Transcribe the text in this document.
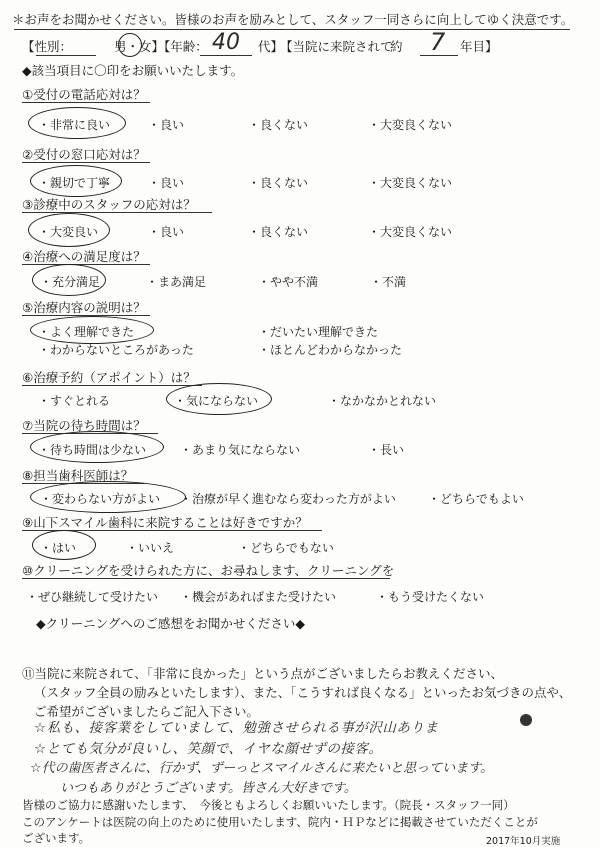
＊お声をお聞かせください。皆様のお声を励みとして、スタッフ一同さらに向上してゆく決意です。
【性別：	男・女】【年齢： 40 代】
【当院に来院されて
約 7 年目】
◆該当項目に〇印をお願いいたします。
①受付の電話応対は？
・非常に良い	・良い	・良くない	・大変良くない
②受付の窓口応対は？
・親切で丁寧	・良い	・良くない	・大変良くない
③診療中のスタッフの応対は？
・大変良い	・良い	・良くない	・大変良くない
④治療への満足度は？
・充分満足	・まあ満足	・やや不満	・不満
⑤治療内容の説明は？
・よく理解できた	・だいたい理解できた
・わからないところがあった	・ほとんどわからなかった
⑥治療予約（アポイント）は？
・すぐとれる	・気にならない	・なかなかとれない
⑦当院の待ち時間は？
・待ち時間は少ない	・あまり気にならない	・長い
⑧担当歯科医師は？
・変わらない方がよい ・治療が早く進むなら変わった方がよい	・どちらでもよい
⑨山下スマイル歯科に来院することは好きですか？
・はい	・いいえ	・どちらでもない
⑩クリーニングを受けられた方に、お尋ねします、クリーニングを
・ぜひ継続して受けたい ・機会があればまた受けたい	・もう受けたくない
◆クリーニングへのご感想をお聞かせください◆
⑪当院に来院されて、「非常に良かった」という点がございましたらお教えください、
（スタッフ全員の励みといたします）、また、「こうすれば良くなる」といったお気づきの点や、
ご希望がございましたらご記入下さい。
☆私も、接客業をしていまして、勉強させられる事が沢山ありま
☆とても気分が良いし、笑顔で、イヤな顔せずの接客。
☆代の歯医者さんに、行かず、ずーっとスマイルさんに来たいと思っています。
いつもありがとうございます。皆さん大好きです。
皆様のご協力に感謝いたします、　今後ともよろしくお願いいたします。（院長・スタッフ一同）
このアンケートは医院の向上のために使用いたします、院内・ＨＰなどに掲載させていただくことが
ございます。	2017年10月実施
